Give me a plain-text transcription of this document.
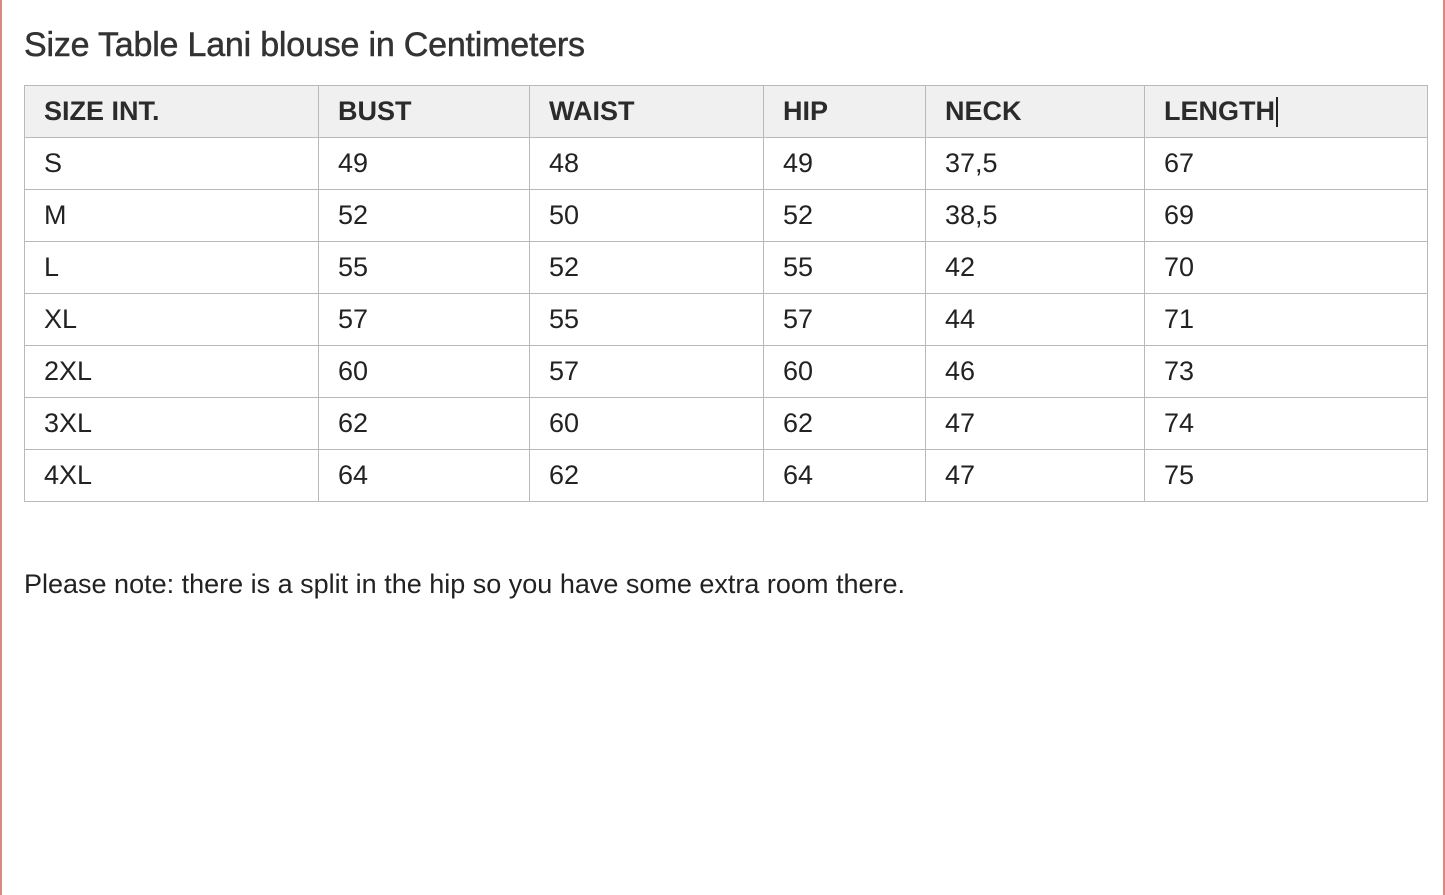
Size Table Lani blouse in Centimeters
SIZE INT.	BUST	WAIST	HIP	NECK	LENGTH
S	49	48	49	37,5	67
M	52	50	52	38,5	69
L	55	52	55	42	70
XL	57	55	57	44	71
2XL	60	57	60	46	73
3XL	62	60	62	47	74
4XL	64	62	64	47	75

Please note: there is a split in the hip so you have some extra room there.
